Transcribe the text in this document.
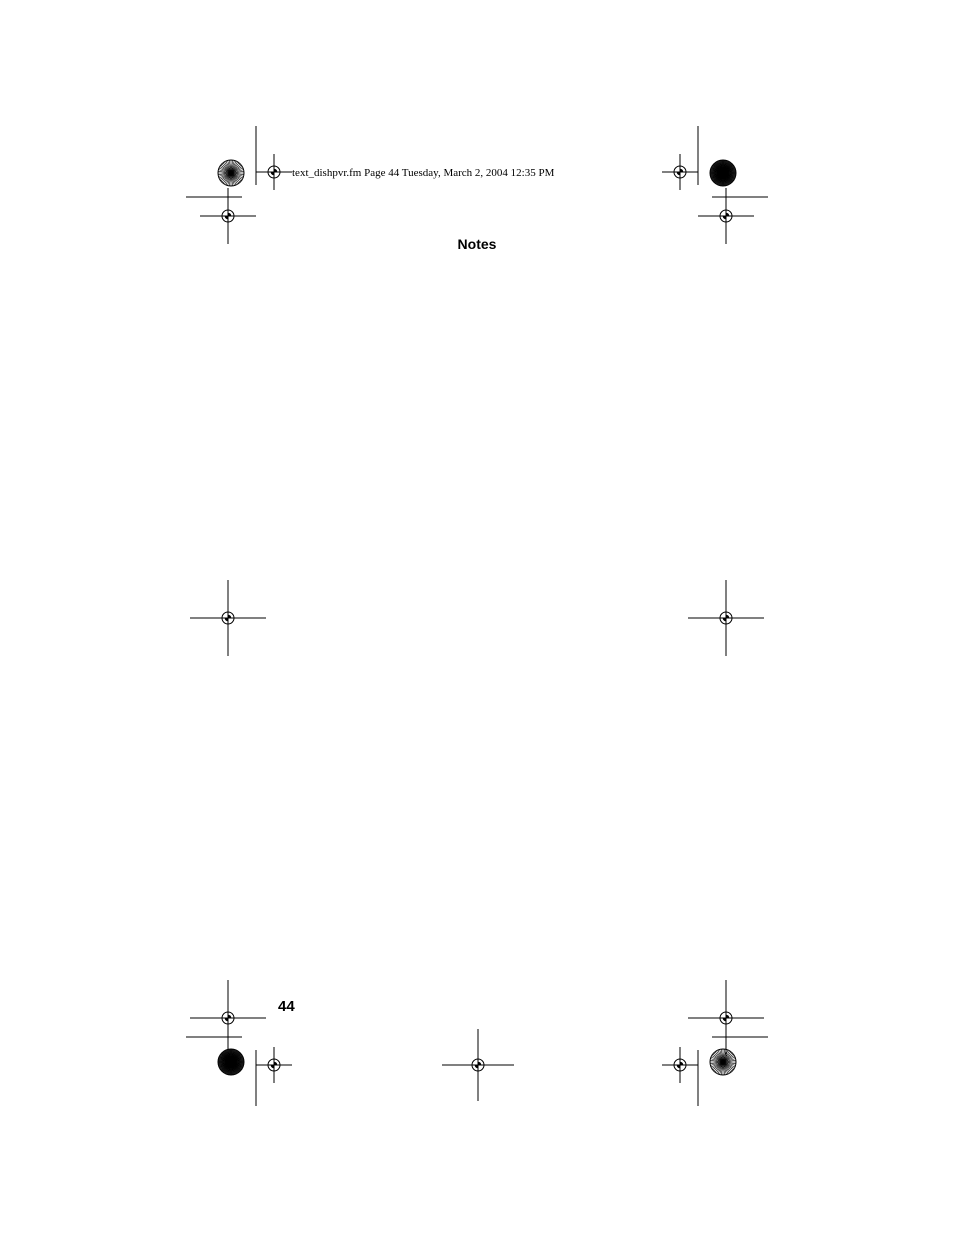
text_dishpvr.fm Page 44 Tuesday, March 2, 2004 12:35 PM

Notes

44
